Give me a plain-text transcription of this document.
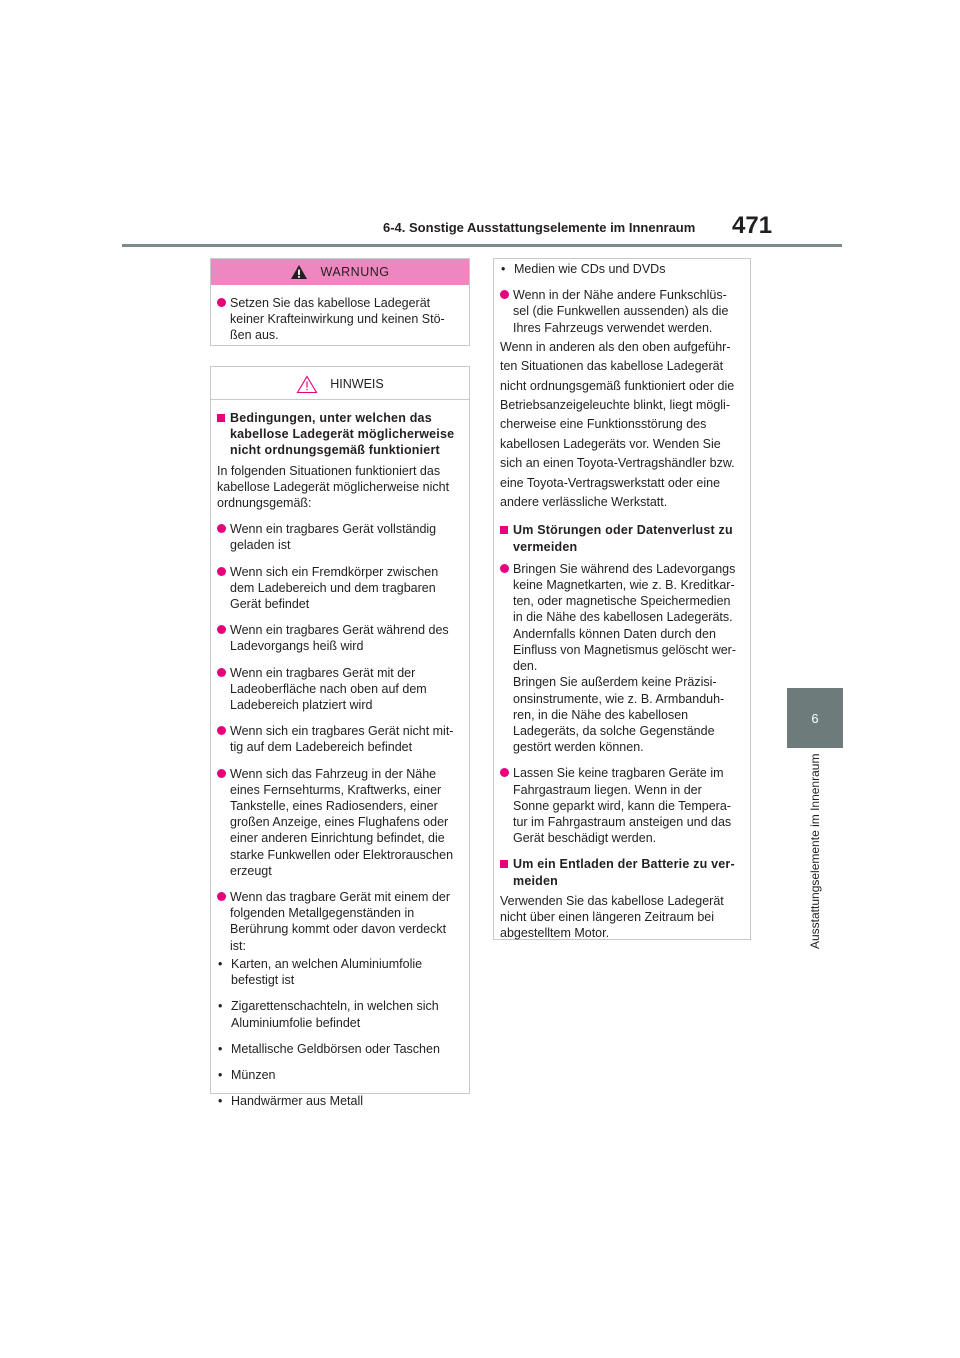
6-4. Sonstige Ausstattungselemente im Innenraum 471
6
Ausstattungselemente im Innenraum
WARNUNG
Setzen Sie das kabellose Ladegerät
keiner Krafteinwirkung und keinen Stö-
ßen aus.
HINWEIS
Bedingungen, unter welchen das
kabellose Ladegerät möglicherweise
nicht ordnungsgemäß funktioniert
In folgenden Situationen funktioniert das
kabellose Ladegerät möglicherweise nicht
ordnungsgemäß:
Wenn ein tragbares Gerät vollständig
geladen ist
Wenn sich ein Fremdkörper zwischen
dem Ladebereich und dem tragbaren
Gerät befindet
Wenn ein tragbares Gerät während des
Ladevorgangs heiß wird
Wenn ein tragbares Gerät mit der
Ladeoberfläche nach oben auf dem
Ladebereich platziert wird
Wenn sich ein tragbares Gerät nicht mit-
tig auf dem Ladebereich befindet
Wenn sich das Fahrzeug in der Nähe
eines Fernsehturms, Kraftwerks, einer
Tankstelle, eines Radiosenders, einer
großen Anzeige, eines Flughafens oder
einer anderen Einrichtung befindet, die
starke Funkwellen oder Elektrorauschen
erzeugt
Wenn das tragbare Gerät mit einem der
folgenden Metallgegenständen in
Berührung kommt oder davon verdeckt
ist:
• Karten, an welchen Aluminiumfolie
befestigt ist
• Zigarettenschachteln, in welchen sich
Aluminiumfolie befindet
• Metallische Geldbörsen oder Taschen
• Münzen
• Handwärmer aus Metall
• Medien wie CDs und DVDs
Wenn in der Nähe andere Funkschlüs-
sel (die Funkwellen aussenden) als die
Ihres Fahrzeugs verwendet werden.
Wenn in anderen als den oben aufgeführ-
ten Situationen das kabellose Ladegerät
nicht ordnungsgemäß funktioniert oder die
Betriebsanzeigeleuchte blinkt, liegt mögli-
cherweise eine Funktionsstörung des
kabellosen Ladegeräts vor. Wenden Sie
sich an einen Toyota-Vertragshändler bzw.
eine Toyota-Vertragswerkstatt oder eine
andere verlässliche Werkstatt.
Um Störungen oder Datenverlust zu
vermeiden
Bringen Sie während des Ladevorgangs
keine Magnetkarten, wie z. B. Kreditkar-
ten, oder magnetische Speichermedien
in die Nähe des kabellosen Ladegeräts.
Andernfalls können Daten durch den
Einfluss von Magnetismus gelöscht wer-
den.
Bringen Sie außerdem keine Präzisi-
onsinstrumente, wie z. B. Armbanduh-
ren, in die Nähe des kabellosen
Ladegeräts, da solche Gegenstände
gestört werden können.
Lassen Sie keine tragbaren Geräte im
Fahrgastraum liegen. Wenn in der
Sonne geparkt wird, kann die Tempera-
tur im Fahrgastraum ansteigen und das
Gerät beschädigt werden.
Um ein Entladen der Batterie zu ver-
meiden
Verwenden Sie das kabellose Ladegerät
nicht über einen längeren Zeitraum bei
abgestelltem Motor.
